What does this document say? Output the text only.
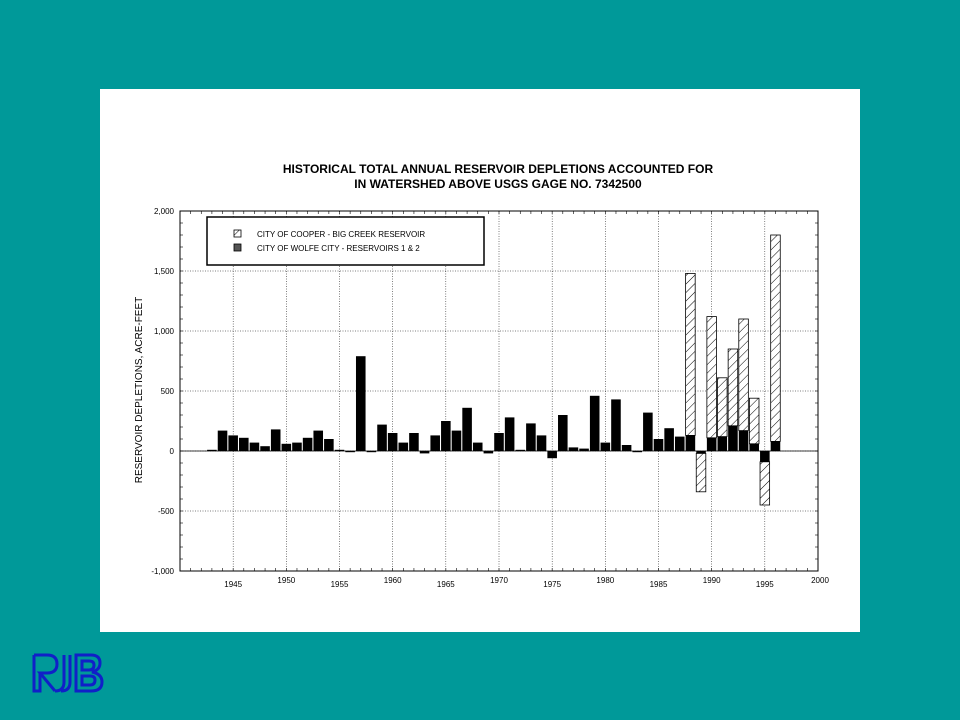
HISTORICAL TOTAL ANNUAL RESERVOIR DEPLETIONS ACCOUNTED FOR
IN WATERSHED ABOVE USGS GAGE NO. 7342500
RESERVOIR DEPLETIONS, ACRE-FEET
-1,000
-500
0
500
1,000
1,500
2,000
1945	1950	1955	1960	1965	1970	1975	1980	1985	1990	1995	2000
CITY OF COOPER - BIG CREEK RESERVOIR
CITY OF WOLFE CITY - RESERVOIRS 1 & 2
